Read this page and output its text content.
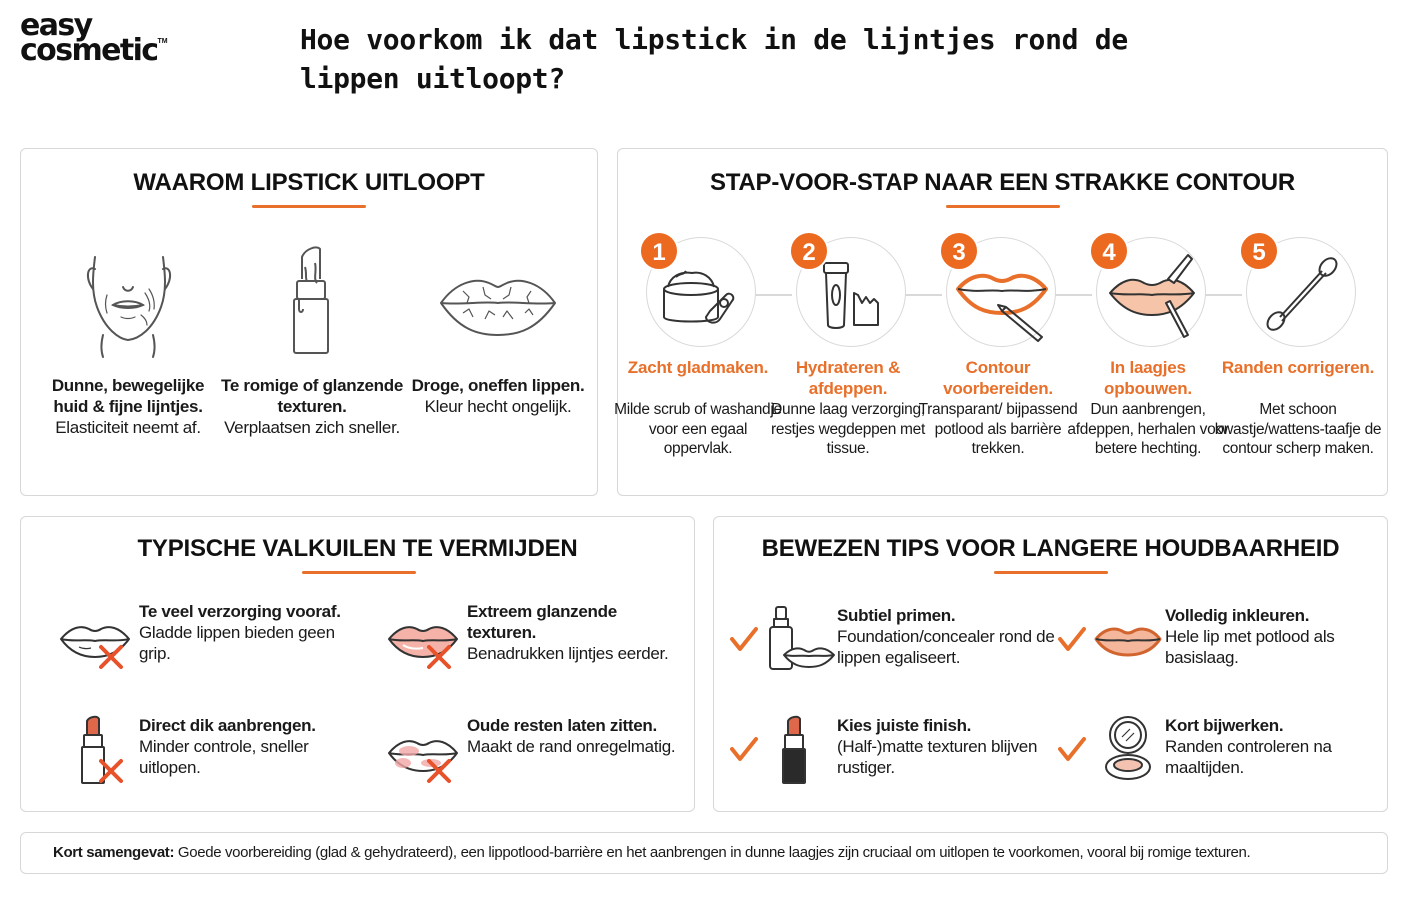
easy
cosmetic™	Hoe voorkom ik dat lipstick in de lijntjes rond de lippen uitloopt?
WAAROM LIPSTICK UITLOOPT
Dunne, bewegelijke huid & fijne lijntjes.
Elasticiteit neemt af.
Te romige of glanzende texturen.
Verplaatsen zich sneller.
Droge, oneffen lippen.
Kleur hecht ongelijk.
STAP-VOOR-STAP NAAR EEN STRAKKE CONTOUR
1
Zacht gladmaken.
Milde scrub of washandje voor een egaal oppervlak.
2
Hydrateren & afdeppen.
Dunne laag verzorging, restjes wegdeppen met tissue.
3
Contour voorbereiden.
Transparant/ bijpassend potlood als barrière trekken.
4
In laagjes opbouwen.
Dun aanbrengen, afdeppen, herhalen voor betere hechting.
5
Randen corrigeren.
Met schoon kwastje/wattens-taafje de contour scherp maken.
TYPISCHE VALKUILEN TE VERMIJDEN
Te veel verzorging vooraf.
Gladde lippen bieden geen grip.
Extreem glanzende texturen.
Benadrukken lijntjes eerder.
Direct dik aanbrengen.
Minder controle, sneller uitlopen.
Oude resten laten zitten.
Maakt de rand onregelmatig.
BEWEZEN TIPS VOOR LANGERE HOUDBAARHEID
Subtiel primen.
Foundation/concealer rond de lippen egaliseert.
Volledig inkleuren.
Hele lip met potlood als basislaag.
Kies juiste finish.
(Half-)matte texturen blijven rustiger.
Kort bijwerken.
Randen controleren na maaltijden.
Kort samengevat: Goede voorbereiding (glad & gehydrateerd), een lippotlood-barrière en het aanbrengen in dunne laagjes zijn cruciaal om uitlopen te voorkomen, vooral bij romige texturen.
